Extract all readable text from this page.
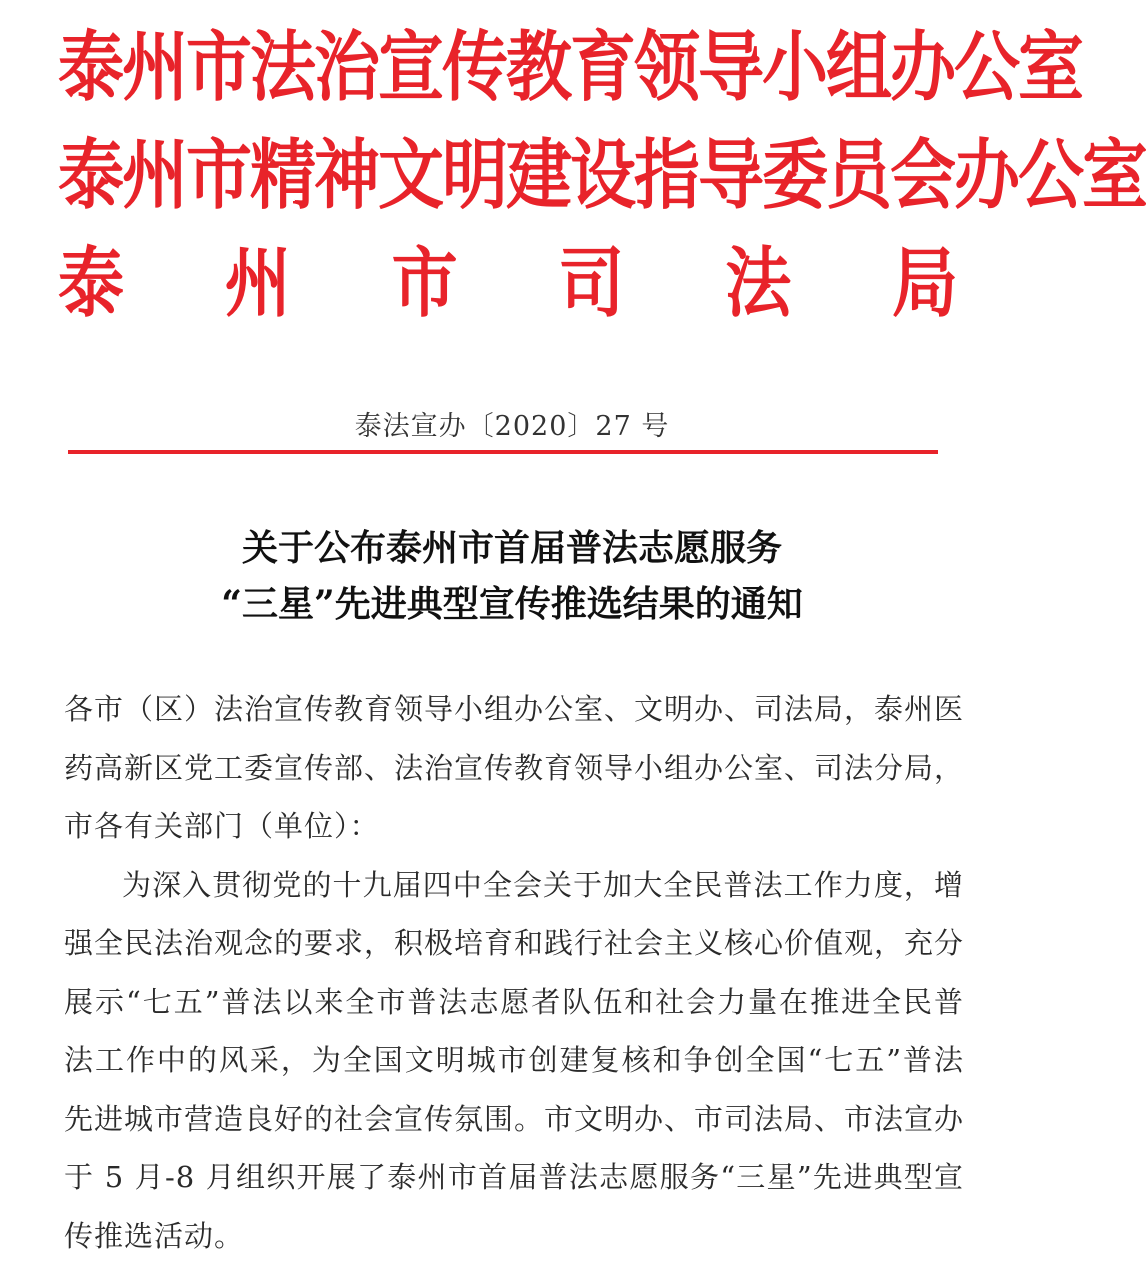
泰州市法治宣传教育领导小组办公室
泰州市精神文明建设指导委员会办公室
泰 州 市 司 法 局
泰法宣办〔2020〕27 号
关于公布泰州市首届普法志愿服务
“三星”先进典型宣传推选结果的通知

各市（区）法治宣传教育领导小组办公室、文明办、司法局，泰州医药高新区党工委宣传部、法治宣传教育领导小组办公室、司法分局，市各有关部门（单位）：

为深入贯彻党的十九届四中全会关于加大全民普法工作力度，增强全民法治观念的要求，积极培育和践行社会主义核心价值观，充分展示“七五”普法以来全市普法志愿者队伍和社会力量在推进全民普法工作中的风采，为全国文明城市创建复核和争创全国“七五”普法先进城市营造良好的社会宣传氛围。市文明办、市司法局、市法宣办于 5 月-8 月组织开展了泰州市首届普法志愿服务“三星”先进典型宣传推选活动。
